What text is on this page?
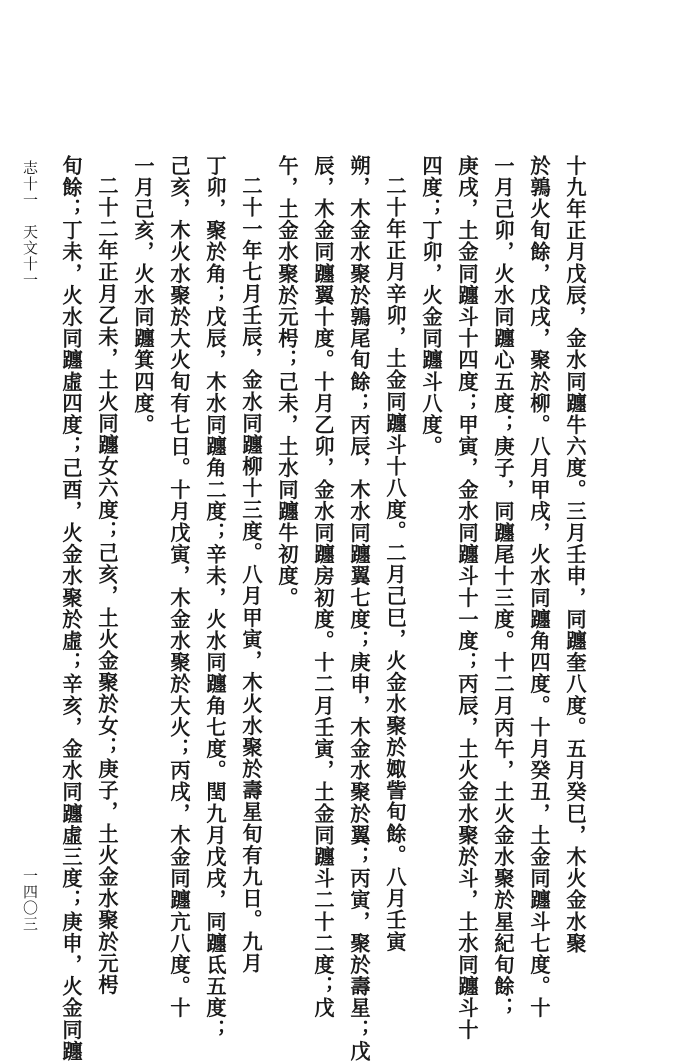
十九年正月戊辰，金水同躔牛六度。三月壬申，同躔奎八度。五月癸巳，木火金水聚
於鶉火旬餘，戊戌，聚於柳。八月甲戌，火水同躔角四度。十月癸丑，土金同躔斗七度。十
一月己卯，火水同躔心五度；庚子，同躔尾十三度。十二月丙午，土火金水聚於星紀旬餘；
庚戌，土金同躔斗十四度；甲寅，金水同躔斗十一度；丙辰，土火金水聚於斗，土水同躔斗十
四度；丁卯，火金同躔斗八度。
二十年正月辛卯，土金同躔斗十八度。二月己巳，火金水聚於娵訾旬餘。八月壬寅
朔，木金水聚於鶉尾旬餘；丙辰，木水同躔翼七度；庚申，木金水聚於翼；丙寅，聚於壽星；戊
辰，木金同躔翼十度。十月乙卯，金水同躔房初度。十二月壬寅，土金同躔斗二十二度；戊
午，土金水聚於元枵；己未，土水同躔牛初度。
二十一年七月壬辰，金水同躔柳十三度。八月甲寅，木火水聚於壽星旬有九日。九月
丁卯，聚於角；戊辰，木水同躔角二度；辛未，火水同躔角七度。閏九月戊戌，同躔氐五度；
己亥，木火水聚於大火旬有七日。十月戊寅，木金水聚於大火；丙戌，木金同躔亢八度。十
一月己亥，火水同躔箕四度。
二十二年正月乙未，土火同躔女六度；己亥，土火金聚於女；庚子，土火金水聚於元枵
旬餘；丁未，火水同躔虛四度；己酉，火金水聚於虛；辛亥，金水同躔虛三度；庚申，火金同躔
志十一　天文十一
一四〇三
